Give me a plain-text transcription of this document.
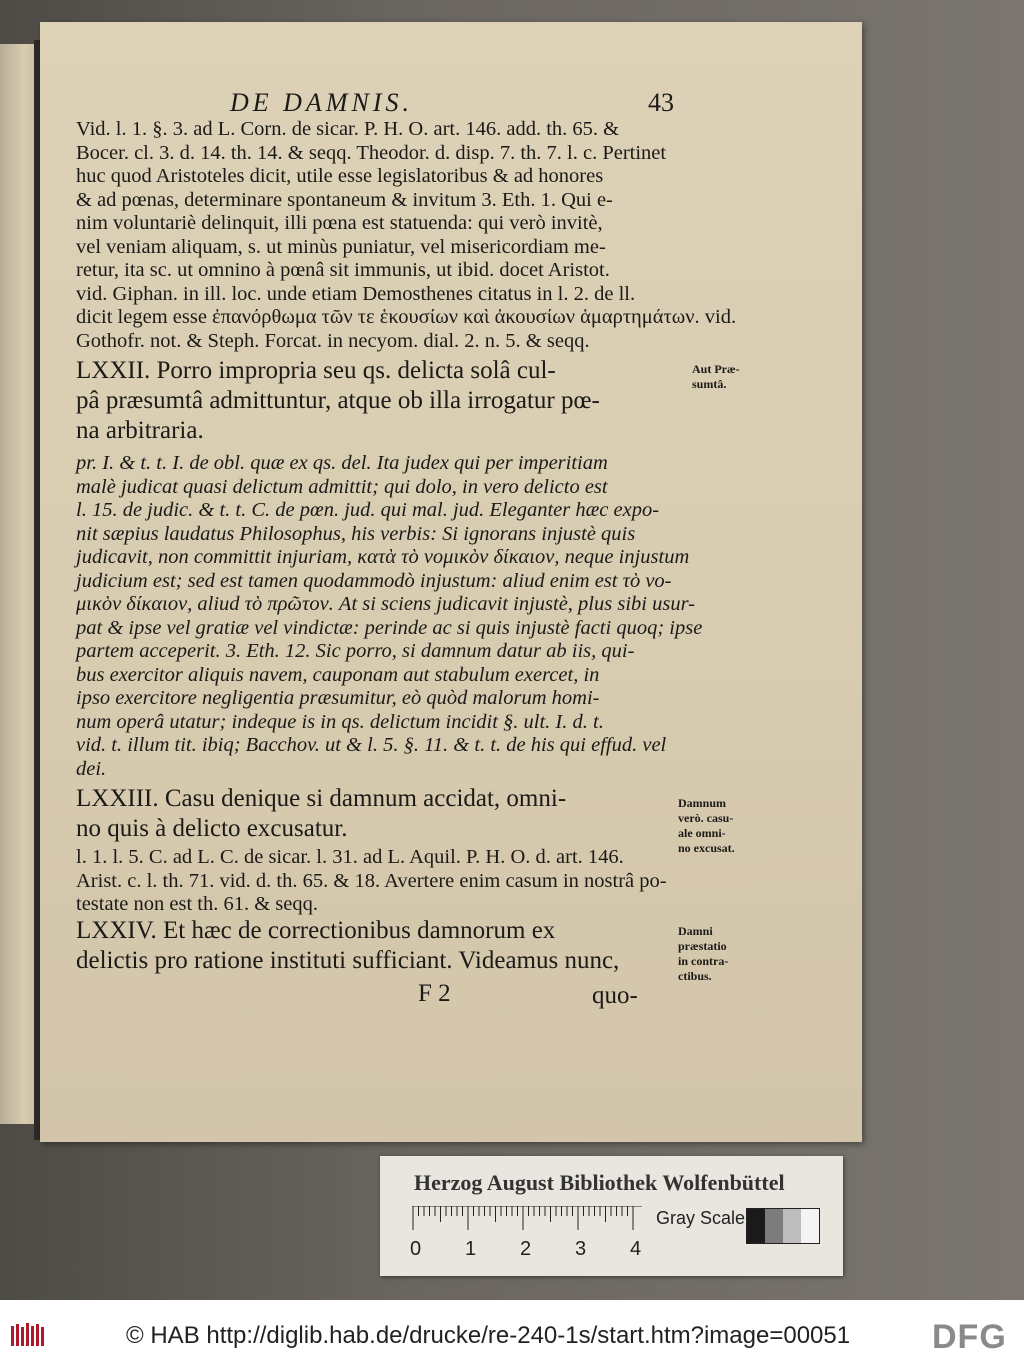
DE DAMNIS.	43
Vid. l. 1. §. 3. ad L. Corn. de sicar. P. H. O. art. 146. add. th. 65. &
Bocer. cl. 3. d. 14. th. 14. & seqq. Theodor. d. disp. 7. th. 7. l. c. Pertinet
huc quod Aristoteles dicit, utile esse legislatoribus & ad honores
& ad pœnas, determinare spontaneum & invitum 3. Eth. 1. Qui e-
nim voluntariè delinquit, illi pœna est statuenda: qui verò invitè,
vel veniam aliquam, s. ut minùs puniatur, vel misericordiam me-
retur, ita sc. ut omnino à pœnâ sit immunis, ut ibid. docet Aristot.
vid. Giphan. in ill. loc. unde etiam Demosthenes citatus in l. 2. de ll.
dicit legem esse ἐπανόρθωμα τῶν τε ἑκουσίων καὶ ἀκουσίων ἁμαρτημάτων. vid.
Gothofr. not. & Steph. Forcat. in necyom. dial. 2. n. 5. & seqq.
LXXII. Porro impropria seu qs. delicta solâ cul-
pâ præsumtâ admittuntur, atque ob illa irrogatur pœ-
na arbitraria.
pr. I. & t. t. I. de obl. quæ ex qs. del. Ita judex qui per imperitiam
malè judicat quasi delictum admittit; qui dolo, in vero delicto est
l. 15. de judic. & t. t. C. de pœn. jud. qui mal. jud. Eleganter hæc expo-
nit sæpius laudatus Philosophus, his verbis: Si ignorans injustè quis
judicavit, non committit injuriam, κατὰ τὸ νομικὸν δίκαιον, neque injustum
judicium est; sed est tamen quodammodò injustum: aliud enim est τὸ νο-
μικὸν δίκαιον, aliud τὸ πρῶτον. At si sciens judicavit injustè, plus sibi usur-
pat & ipse vel gratiæ vel vindictæ: perinde ac si quis injustè facti quoq; ipse
partem acceperit. 3. Eth. 12. Sic porro, si damnum datur ab iis, qui-
bus exercitor aliquis navem, cauponam aut stabulum exercet, in
ipso exercitore negligentia præsumitur, eò quòd malorum homi-
num operâ utatur; indeque is in qs. delictum incidit §. ult. I. d. t.
vid. t. illum tit. ibiq; Bacchov. ut & l. 5. §. 11. & t. t. de his qui effud. vel
dei.
LXXIII. Casu denique si damnum accidat, omni-
no quis à delicto excusatur.
l. 1. l. 5. C. ad L. C. de sicar. l. 31. ad L. Aquil. P. H. O. d. art. 146.
Arist. c. l. th. 71. vid. d. th. 65. & 18. Avertere enim casum in nostrâ po-
testate non est th. 61. & seqq.
LXXIV. Et hæc de correctionibus damnorum ex
delictis pro ratione instituti sufficiant. Videamus nunc,
F 2	quo-
Aut Præ-
sumtâ.
Damnum
verò. casu-
ale omni-
no excusat.
Damni
præstatio
in contra-
ctibus.
Herzog August Bibliothek Wolfenbüttel
0 1 2 3 4
Gray Scale
© HAB http://diglib.hab.de/drucke/re-240-1s/start.htm?image=00051 DFG
